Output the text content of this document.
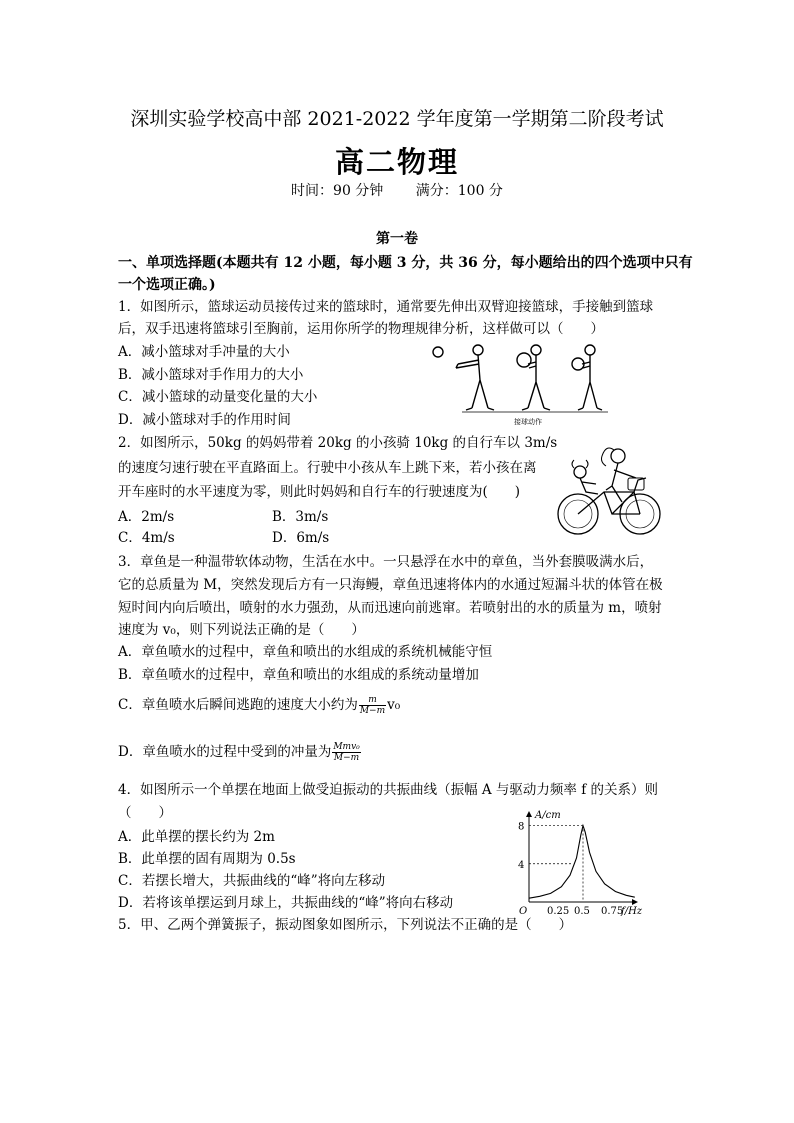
深圳实验学校高中部 2021-2022 学年度第一学期第二阶段考试
高二物理
时间：90 分钟 满分：100 分
第一卷
一、单项选择题(本题共有 12 小题，每小题 3 分，共 36 分，每小题给出的四个选项中只有
一个选项正确。)
1．如图所示，篮球运动员接传过来的篮球时，通常要先伸出双臂迎接篮球，手接触到篮球
后，双手迅速将篮球引至胸前，运用你所学的物理规律分析，这样做可以（　　）
A．减小篮球对手冲量的大小
B．减小篮球对手作用力的大小
C．减小篮球的动量变化量的大小
D．减小篮球对手的作用时间	接球动作
2．如图所示，50kg 的妈妈带着 20kg 的小孩骑 10kg 的自行车以 3m/s
的速度匀速行驶在平直路面上。行驶中小孩从车上跳下来，若小孩在离
开车座时的水平速度为零，则此时妈妈和自行车的行驶速度为(　　)
A．2m/s	B．3m/s
C．4m/s	D．6m/s
3．章鱼是一种温带软体动物，生活在水中。一只悬浮在水中的章鱼，当外套膜吸满水后，
它的总质量为 M，突然发现后方有一只海鳗，章鱼迅速将体内的水通过短漏斗状的体管在极
短时间内向后喷出，喷射的水力强劲，从而迅速向前逃窜。若喷射出的水的质量为 m，喷射
速度为 v₀，则下列说法正确的是（　　）
A．章鱼喷水的过程中，章鱼和喷出的水组成的系统机械能守恒
B．章鱼喷水的过程中，章鱼和喷出的水组成的系统动量增加
C．章鱼喷水后瞬间逃跑的速度大小约为 $\frac{m}{M-m} v_0$
D．章鱼喷水的过程中受到的冲量为 $\frac{\text{Mmv₀}}{M-m}$
4．如图所示一个单摆在地面上做受迫振动的共振曲线（振幅 A 与驱动力频率 f 的关系）则
（　　）
A．此单摆的摆长约为 2m
B．此单摆的固有周期为 0.5s
C．若摆长增大，共振曲线的“峰”将向左移动
D．若将该单摆运到月球上，共振曲线的“峰”将向右移动
A/cm
f/Hz
O
8
4
0.25 0.5 0.75
5．甲、乙两个弹簧振子，振动图象如图所示，下列说法不正确的是（　　）
